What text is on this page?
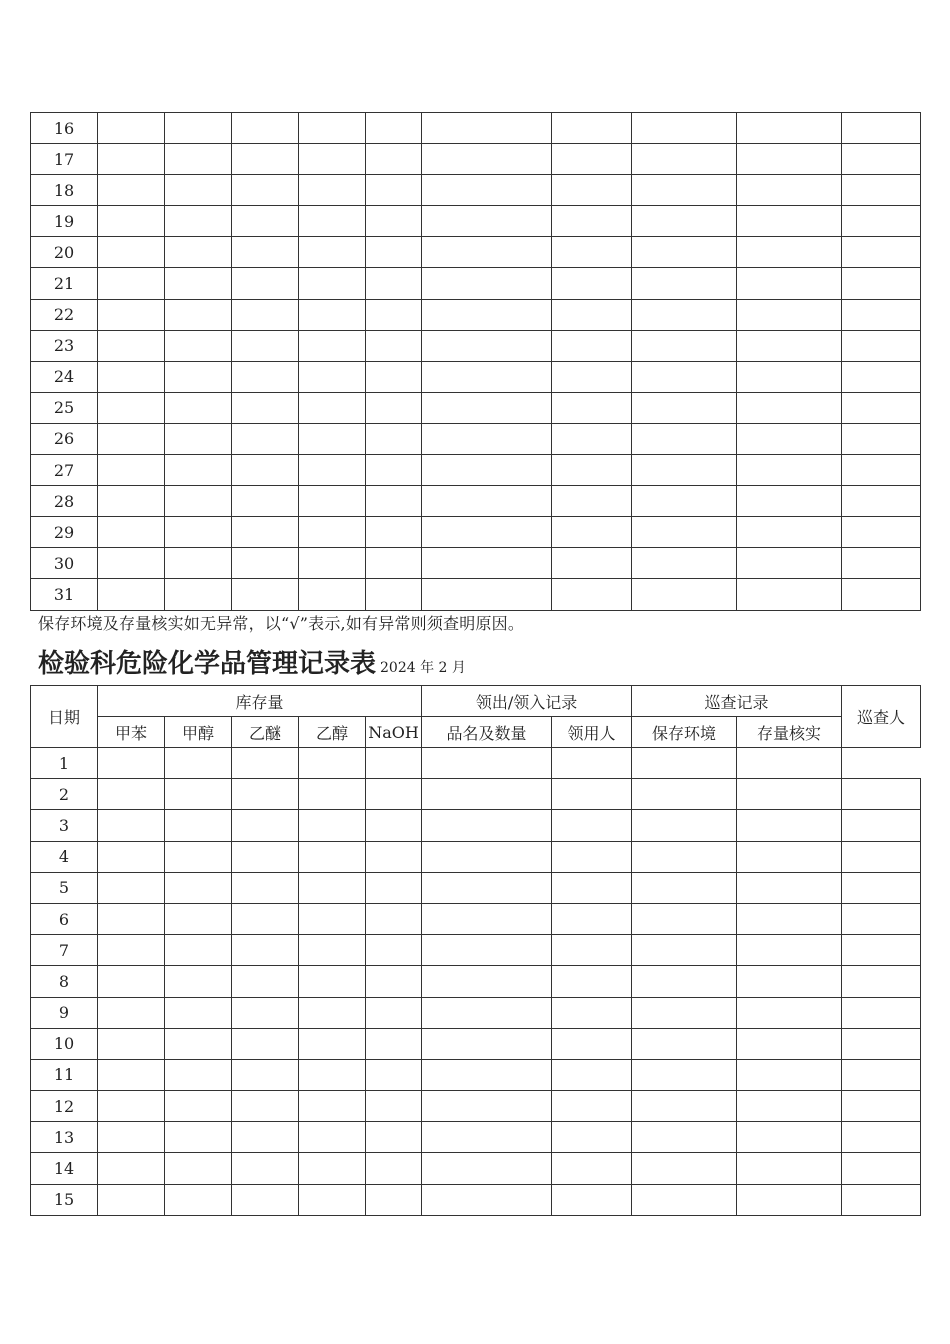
16										
17										
18										
19										
20										
21										
22										
23										
24										
25										
26										
27										
28										
29										
30										
31										
保存环境及存量核实如无异常，以“√”表示,如有异常则须查明原因。
检验科危险化学品管理记录表 2024 年 2 月
日期	库存量					领出/领入记录		巡查记录		巡查人
	甲苯	甲醇	乙醚	乙醇	NaOH	品名及数量	领用人	保存环境	存量核实	
1										
2										
3										
4										
5										
6										
7										
8										
9										
10										
11										
12										
13										
14										
15										
